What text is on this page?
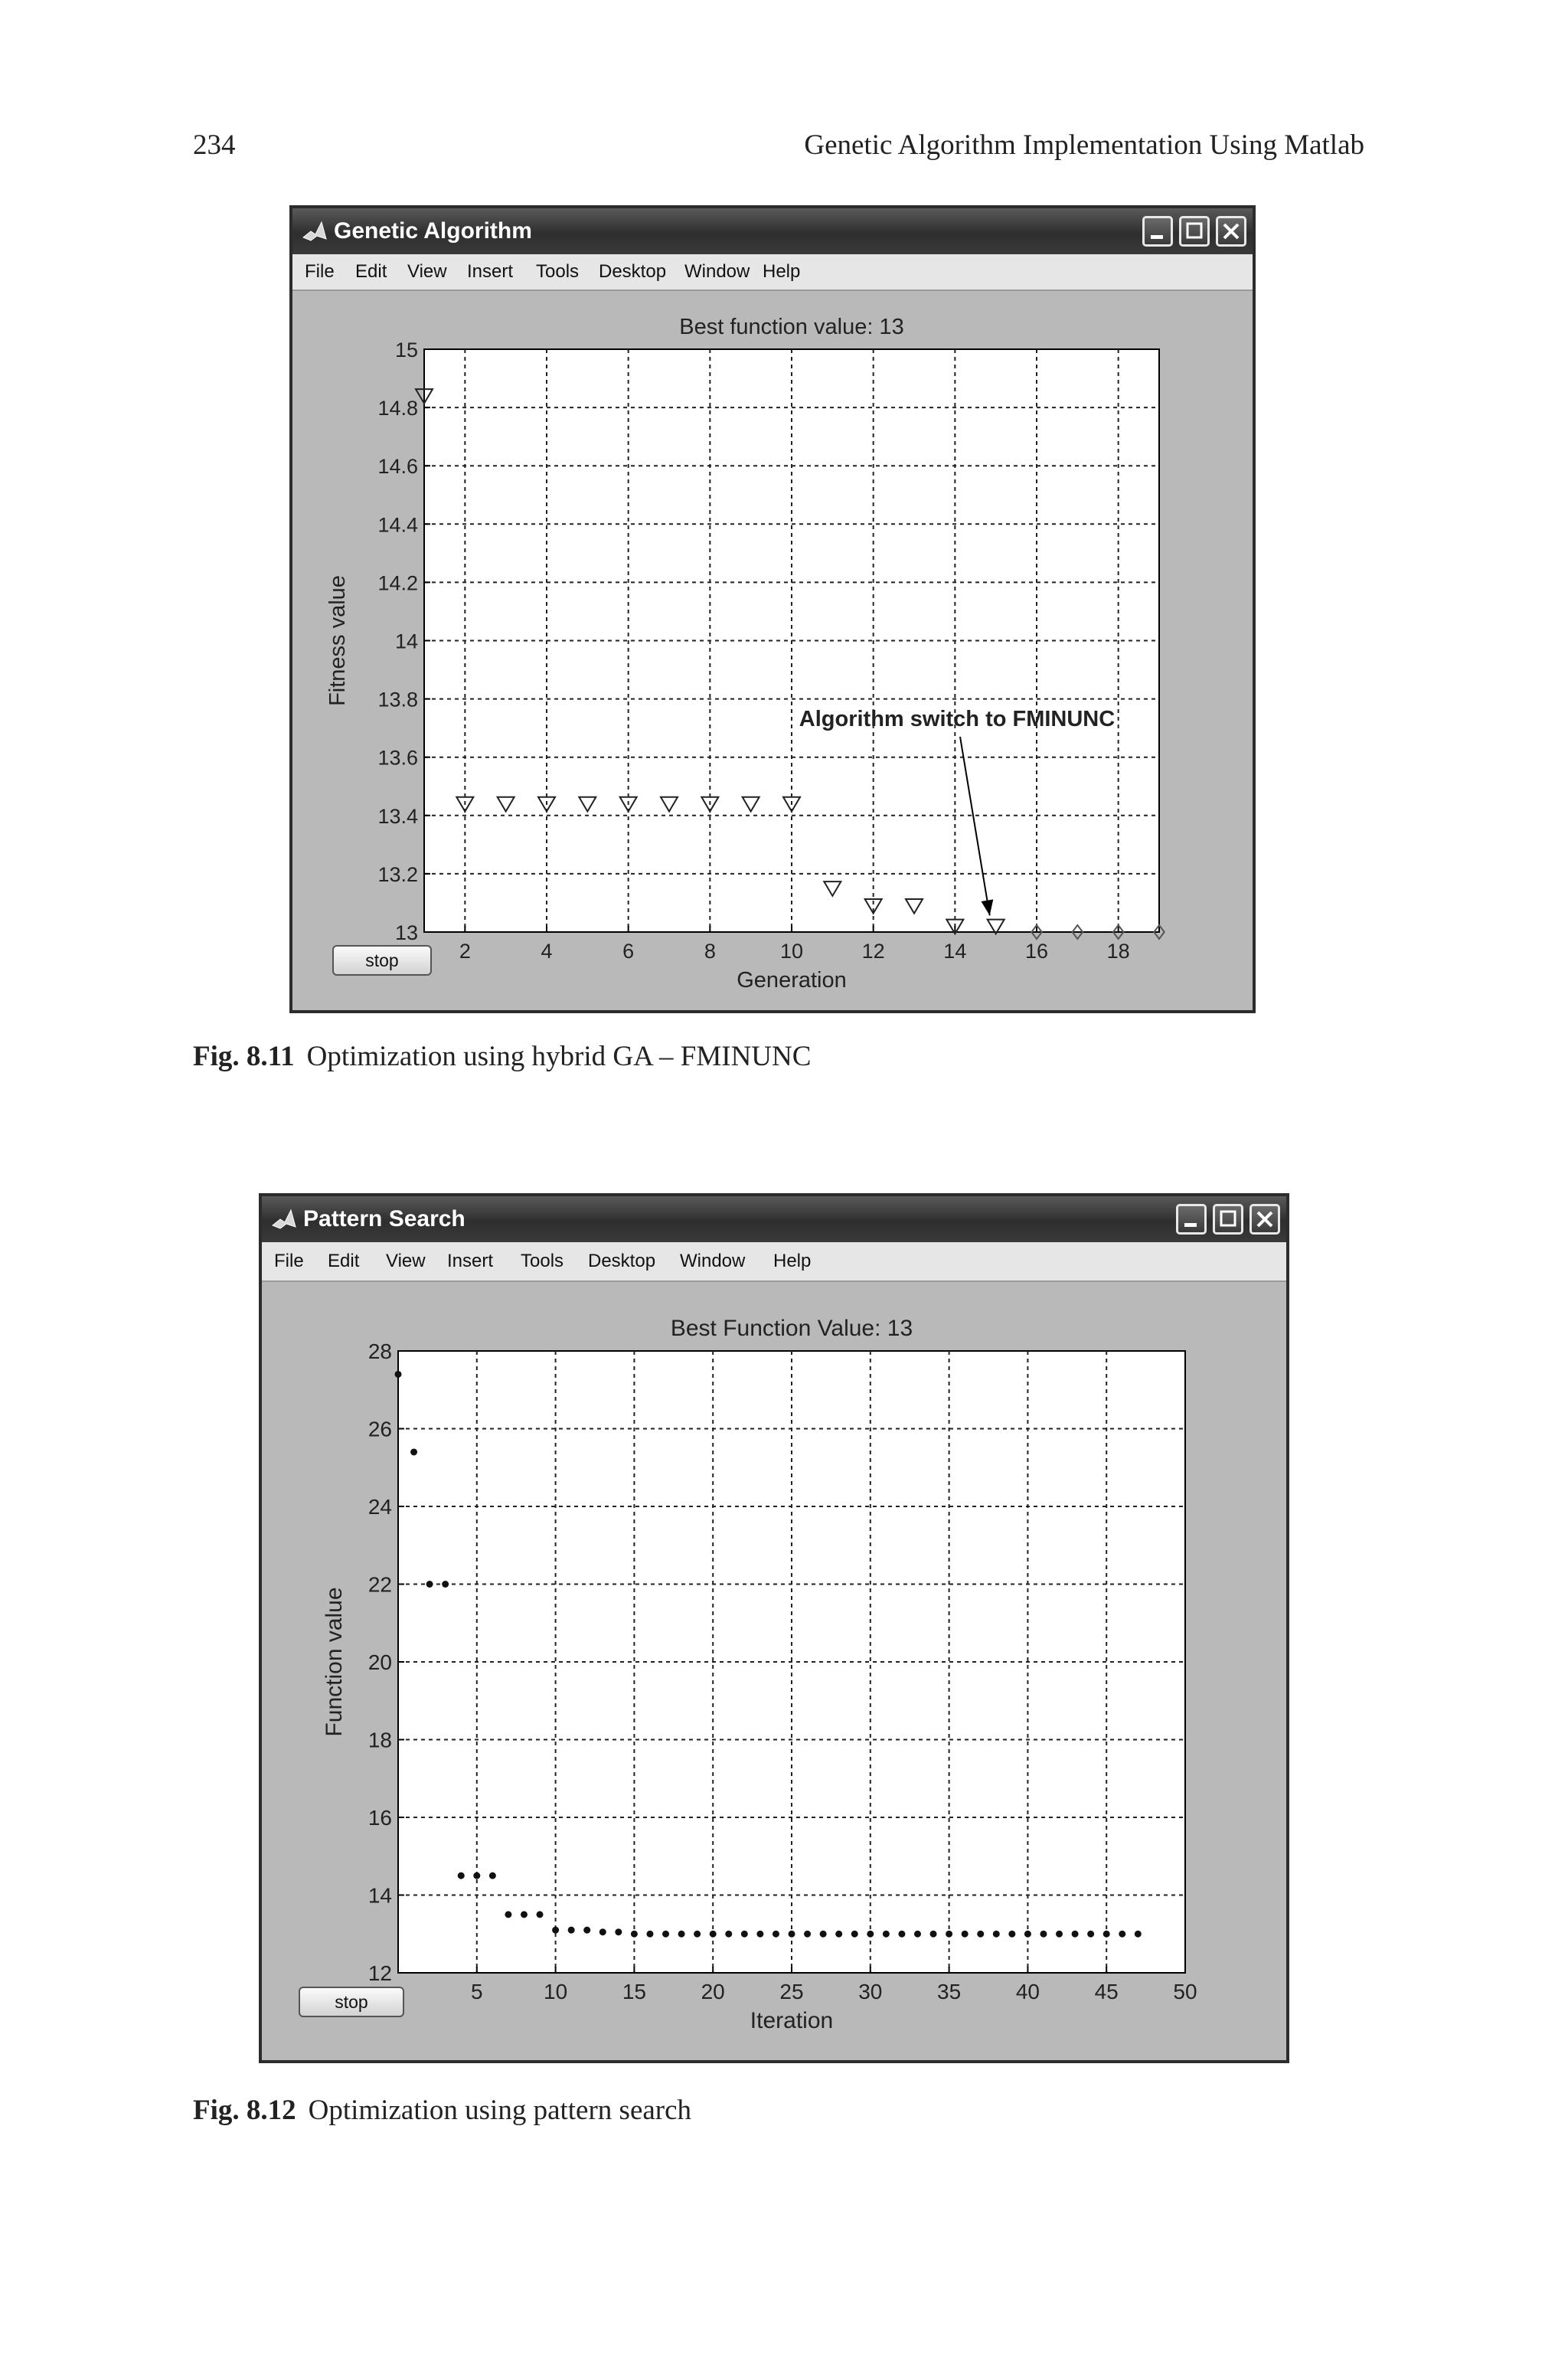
234	Genetic Algorithm Implementation Using Matlab
Genetic Algorithm
File Edit View Insert Tools Desktop Window Help
2	4	6	8	10	12	14	16	18
13
13.2
13.4
13.6
13.8
14
14.2
14.4
14.6
14.8
15
Best function value: 13
Generation
Fitness value
Algorithm switch to FMINUNC
stop
Fig. 8.11 Optimization using hybrid GA – FMINUNC
Pattern Search
File Edit View Insert Tools Desktop Window Help
5	10	15	20	25	30	35	40	45	50
12
14
16
18
20
22
24
26
28
Best Function Value: 13
Iteration
Function value
stop
Fig. 8.12 Optimization using pattern search
